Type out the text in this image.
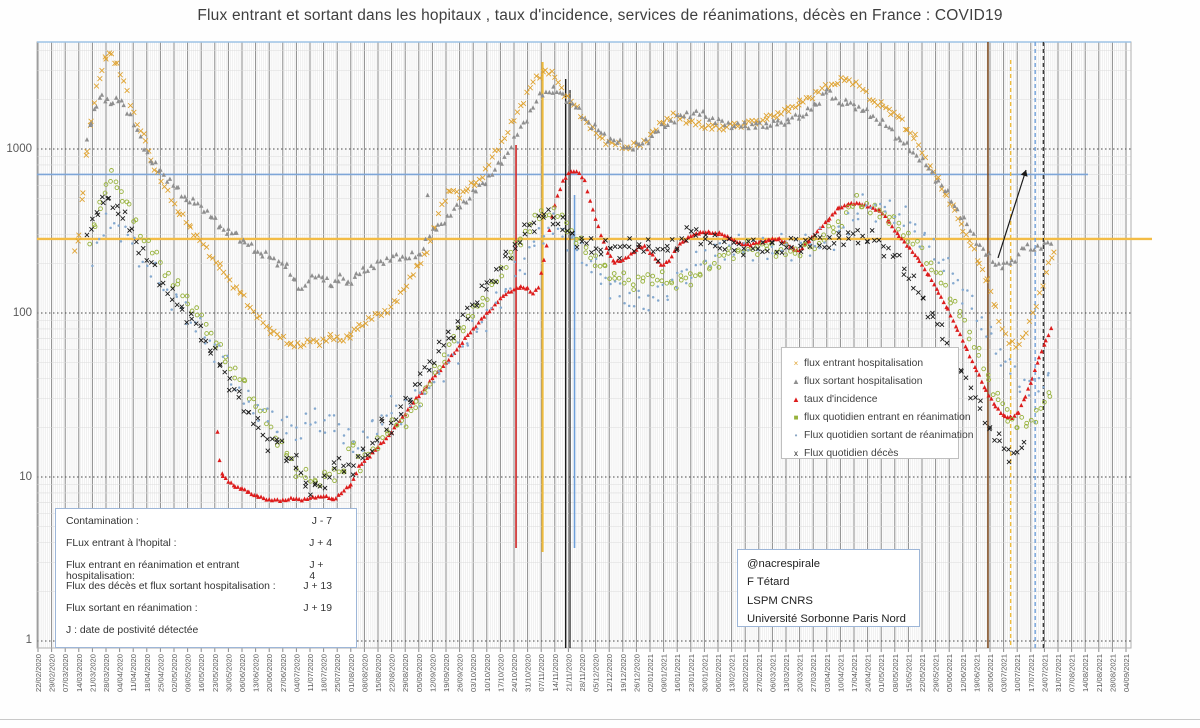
Flux entrant et sortant dans les hopitaux , taux d'incidence, services de réanimations, décès en France : COVID19
22/02/2020 29/02/2020 07/03/2020 14/03/2020 21/03/2020 28/03/2020 04/04/2020 11/04/2020 18/04/2020 25/04/2020 02/05/2020 09/05/2020 16/05/2020 23/05/2020 30/05/2020 06/06/2020 13/06/2020 20/06/2020 27/06/2020 04/07/2020 11/07/2020 18/07/2020 25/07/2020 01/08/2020 08/08/2020 15/08/2020 22/08/2020 29/08/2020 05/09/2020 12/09/2020 19/09/2020 26/09/2020 03/10/2020 10/10/2020 17/10/2020 24/10/2020 31/10/2020 07/11/2020 14/11/2020 21/11/2020 28/11/2020 05/12/2020 12/12/2020 19/12/2020 26/12/2020 02/01/2021 09/01/2021 16/01/2021 23/01/2021 30/01/2021 06/02/2021 13/02/2021 20/02/2021 27/02/2021 06/03/2021 13/03/2021 20/03/2021 27/03/2021 03/04/2021 10/04/2021 17/04/2021 24/04/2021 01/05/2021 08/05/2021 15/05/2021 22/05/2021 29/05/2021 05/06/2021 12/06/2021 19/06/2021 26/06/2021 03/07/2021 10/07/2021 17/07/2021 24/07/2021 31/07/2021 07/08/2021 14/08/2021 21/08/2021 28/08/2021 04/09/2021
1000
100
10
1
× flux entrant hospitalisation
▲ flux sortant hospitalisation
▲ taux d'incidence
■ flux quotidien entrant en réanimation
• Flux quotidien sortant de réanimation
x Flux quotidien décès
Contamination :	J - 7
FLux entrant à l'hopital :	J + 4
Flux entrant en réanimation et entrant hospitalisation:
J + 4
Flux des décès et flux sortant hospitalisation :	J + 13
Flux sortant en réanimation :	J + 19
J : date de postivité détectée
@nacrespirale
F Tétard
LSPM CNRS
Université Sorbonne Paris Nord
